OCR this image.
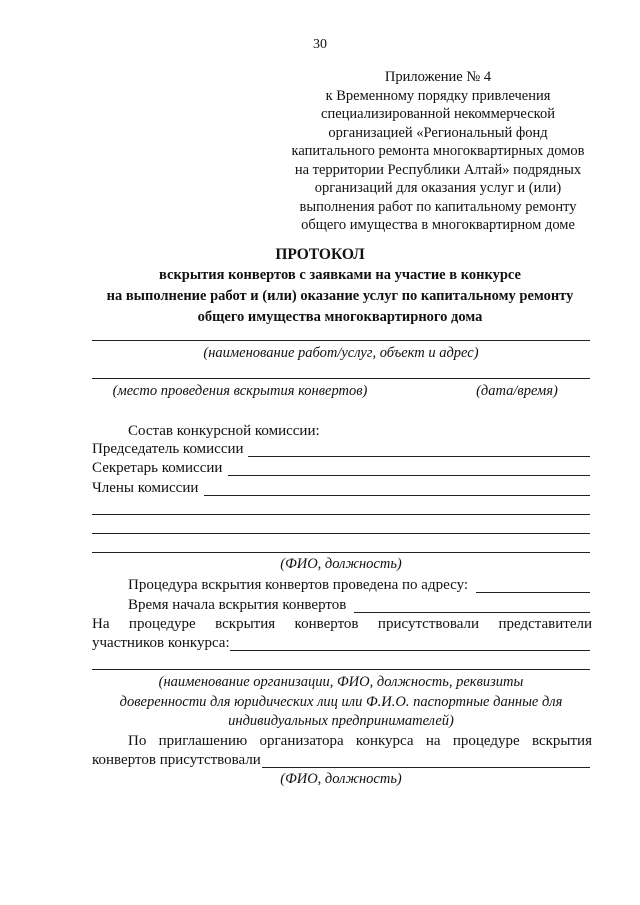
30
Приложение № 4
к Временному порядку привлечения
специализированной некоммерческой
организацией «Региональный фонд
капитального ремонта многоквартирных домов
на территории Республики Алтай» подрядных
организаций для оказания услуг и (или)
выполнения работ по капитальному ремонту
общего имущества в многоквартирном доме
ПРОТОКОЛ
вскрытия конвертов с заявками на участие в конкурсе
на выполнение работ и (или) оказание услуг по капитальному ремонту
общего имущества многоквартирного дома
(наименование работ/услуг, объект и адрес)
(место проведения вскрытия конвертов)	(дата/время)
Состав конкурсной комиссии:
Председатель комиссии
Секретарь комиссии
Члены комиссии
(ФИО, должность)
Процедура вскрытия конвертов проведена по адресу:
Время начала вскрытия конвертов
На процедуре вскрытия конвертов присутствовали представители
участников конкурса:
(наименование организации, ФИО, должность, реквизиты
доверенности для юридических лиц или Ф.И.О. паспортные данные для
индивидуальных предпринимателей)
По приглашению организатора конкурса на процедуре вскрытия
конвертов присутствовали
(ФИО, должность)
